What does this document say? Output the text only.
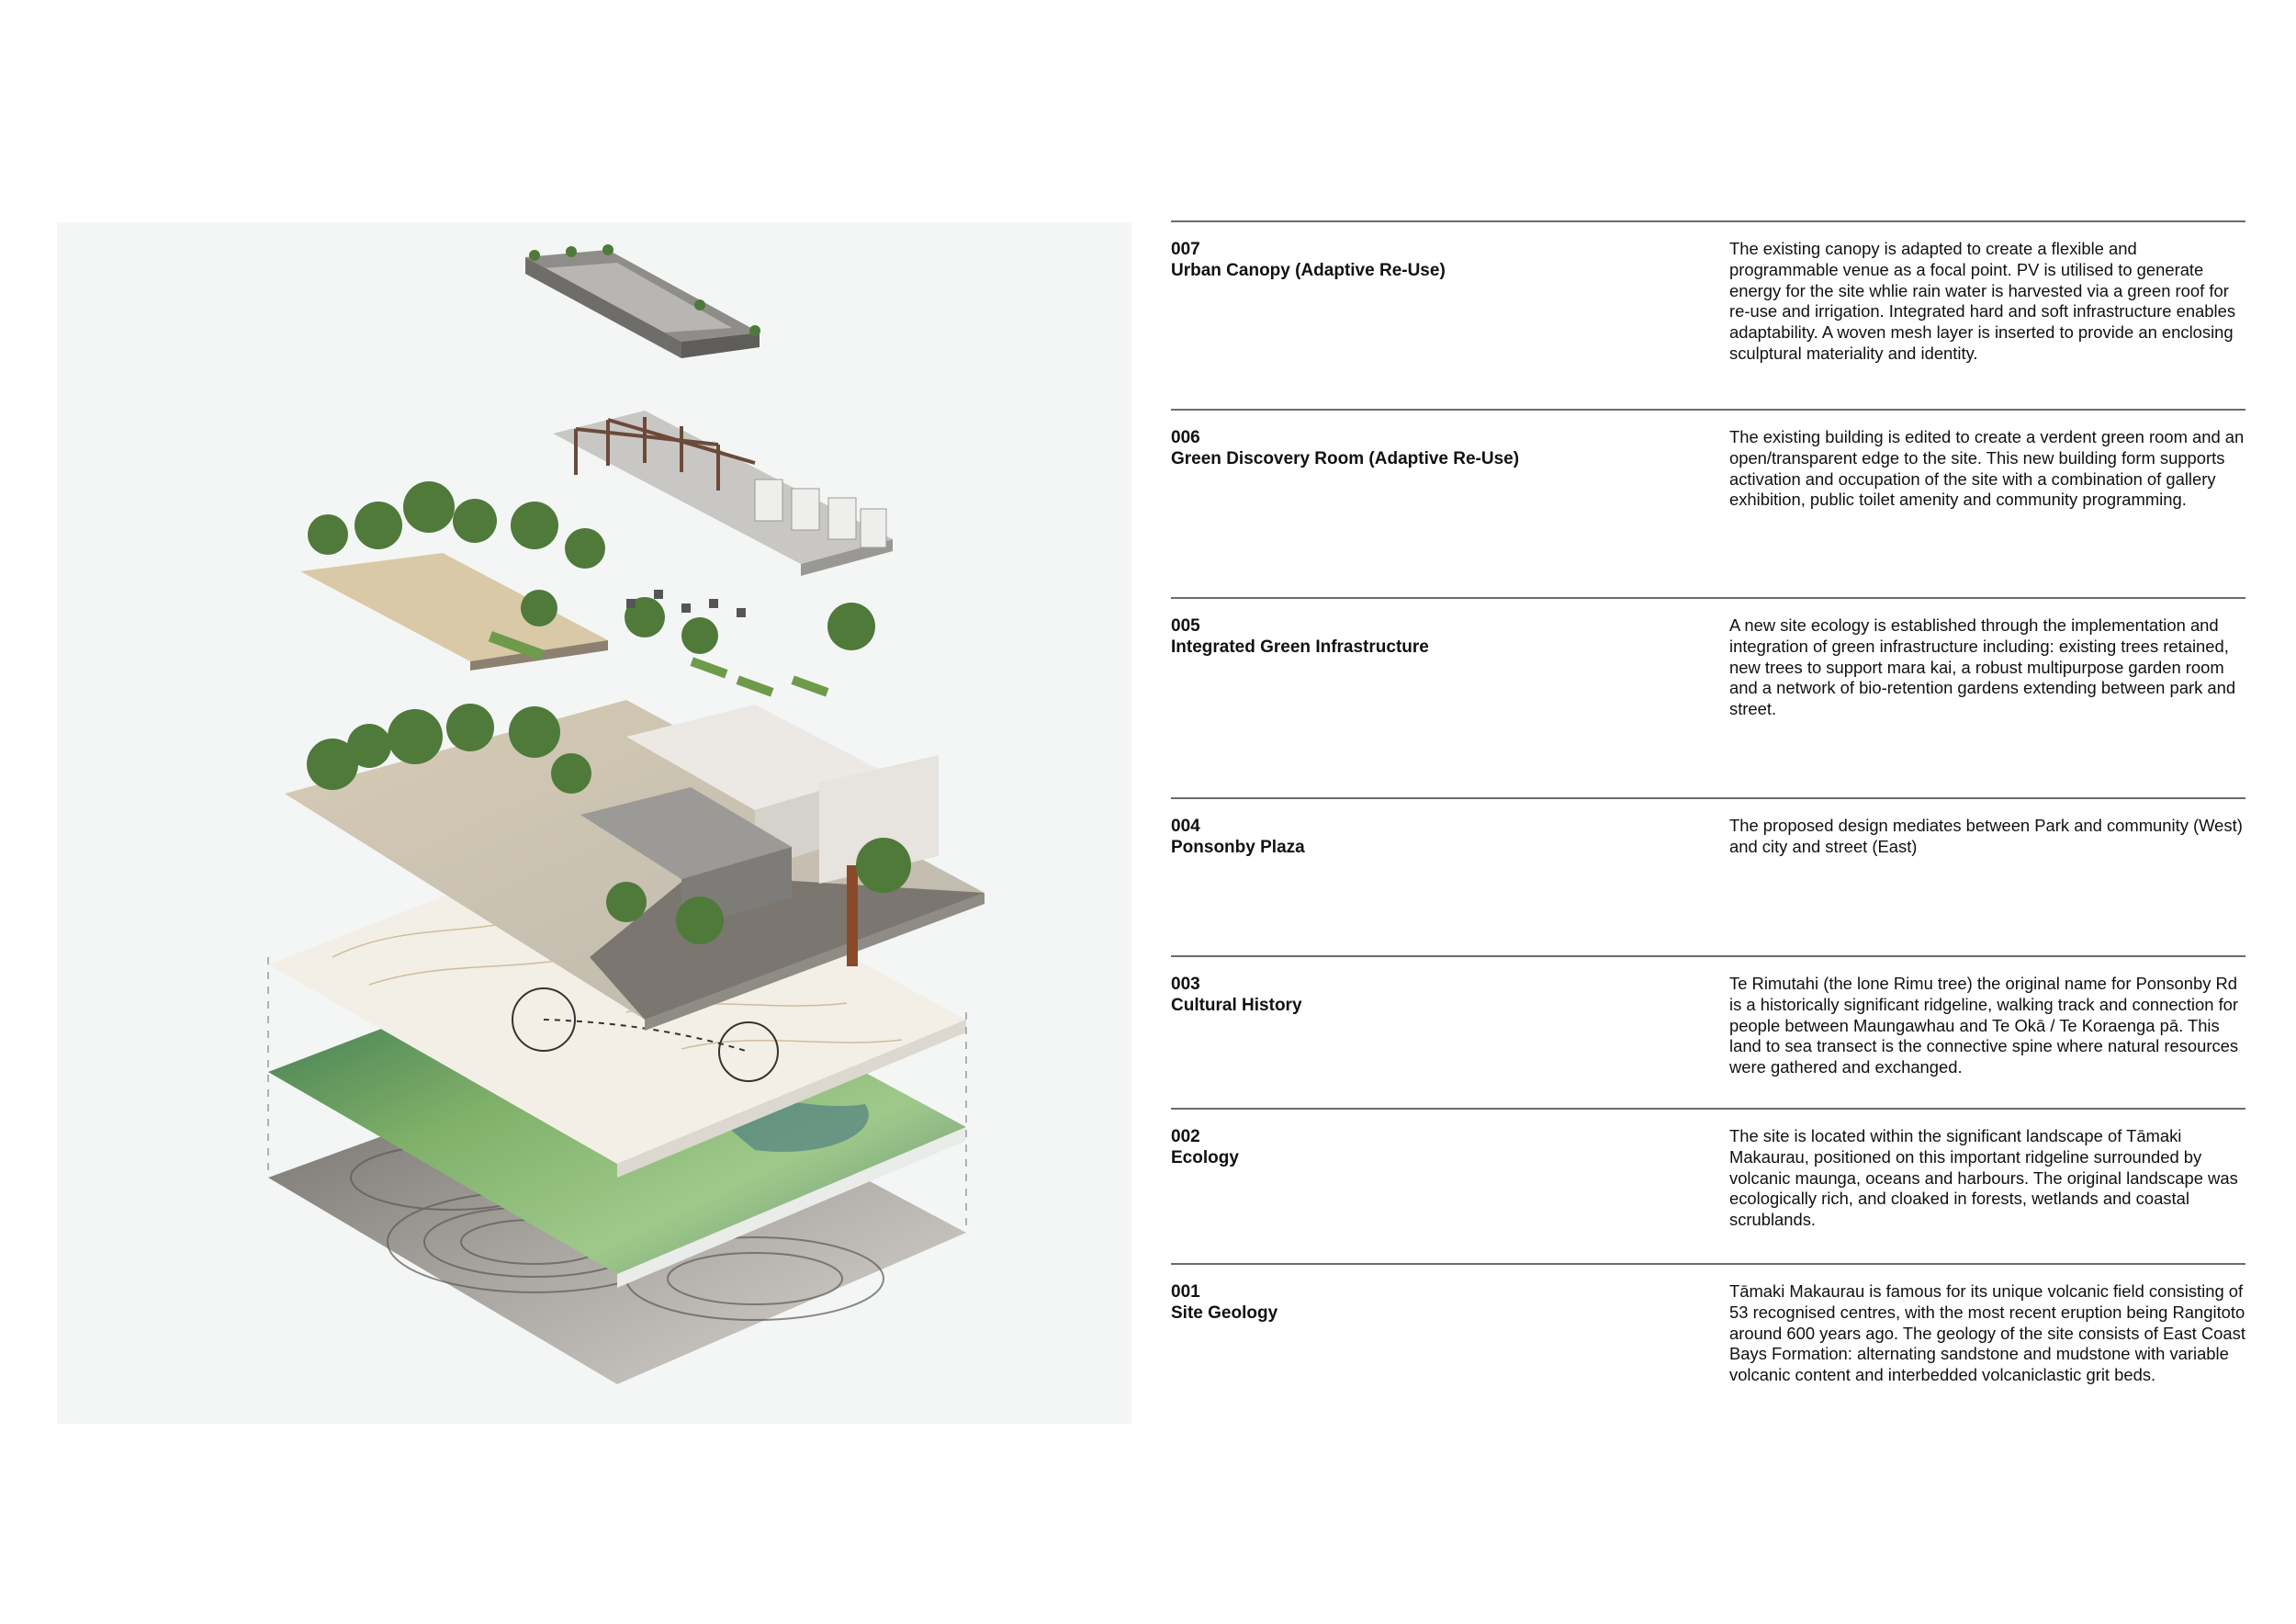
007
Urban Canopy (Adaptive Re-Use)
The existing canopy is adapted to create a flexible and programmable venue as a focal point. PV is utilised to generate energy for the site whlie rain water is harvested via a green roof for re-use and irrigation. Integrated hard and soft infrastructure enables adaptability. A woven mesh layer is inserted to provide an enclosing sculptural materiality and identity.
006
Green Discovery Room (Adaptive Re-Use)
The existing building is edited to create a verdent green room and an open/transparent edge to the site. This new building form supports activation and occupation of the site with a combination of gallery exhibition, public toilet amenity and community programming.
005
Integrated Green Infrastructure
A new site ecology is established through the implementation and integration of green infrastructure including: existing trees retained, new trees to support mara kai, a robust multipurpose garden room and a network of bio-retention gardens extending between park and street.
004
Ponsonby Plaza
The proposed design mediates between Park and community (West) and city and street (East)
003
Cultural History
Te Rimutahi (the lone Rimu tree) the original name for Ponsonby Rd is a historically significant ridgeline, walking track and connection for people between Maungawhau and Te Okā / Te Koraenga pā. This land to sea transect is the connective spine where natural resources were gathered and exchanged.
002
Ecology
The site is located within the significant landscape of Tāmaki Makaurau, positioned on this important ridgeline surrounded by volcanic maunga, oceans and harbours. The original landscape was ecologically rich, and cloaked in forests, wetlands and coastal scrublands.
001
Site Geology
Tāmaki Makaurau is famous for its unique volcanic field consisting of 53 recognised centres, with the most recent eruption being Rangitoto around 600 years ago. The geology of the site consists of East Coast Bays Formation: alternating sandstone and mudstone with variable volcanic content and interbedded volcaniclastic grit beds.
